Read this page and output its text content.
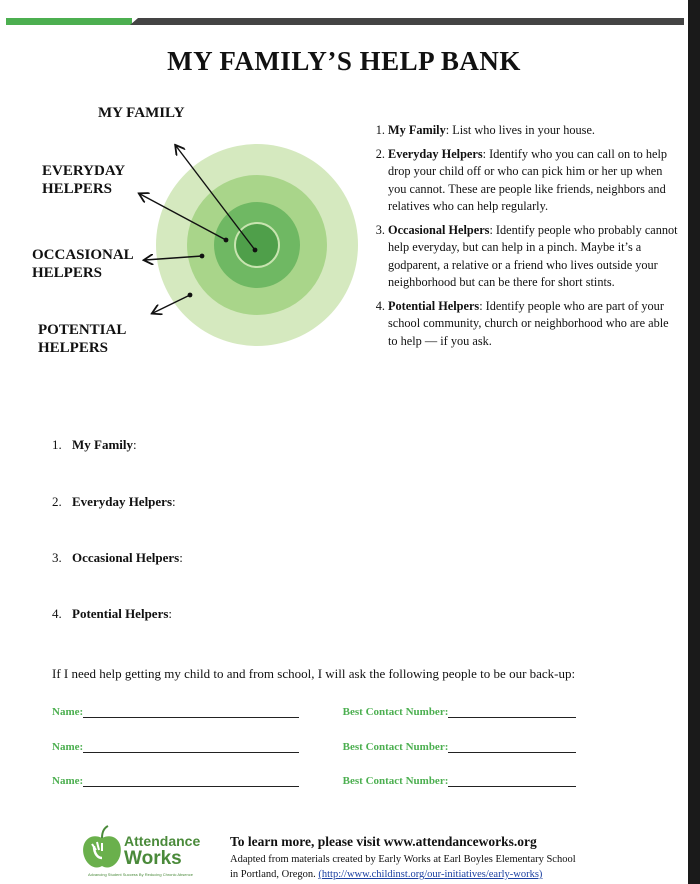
MY FAMILY’S HELP BANK
MY FAMILY
EVERYDAY
HELPERS
OCCASIONAL
HELPERS
POTENTIAL
HELPERS
1. My Family: List who lives in your house.
2. Everyday Helpers: Identify who you can call on to help drop your child off or who can pick him or her up when you cannot. These are people like friends, neighbors and relatives who can help regularly.
3. Occasional Helpers: Identify people who probably cannot help everyday, but can help in a pinch. Maybe it’s a godparent, a relative or a friend who lives outside your neighborhood but can be there for short stints.
4. Potential Helpers: Identify people who are part of your school community, church or neighborhood who are able to help — if you ask.
1. My Family:
2. Everyday Helpers:
3. Occasional Helpers:
4. Potential Helpers:
If I need help getting my child to and from school, I will ask the following people to be our back-up:
Name:	Best Contact Number:
Name:	Best Contact Number:
Name:	Best Contact Number:
Attendance
Works
Advancing Student Success By Reducing Chronic Absence
To learn more, please visit www.attendanceworks.org
Adapted from materials created by Early Works at Earl Boyles Elementary School
in Portland, Oregon. (http://www.childinst.org/our-initiatives/early-works)
